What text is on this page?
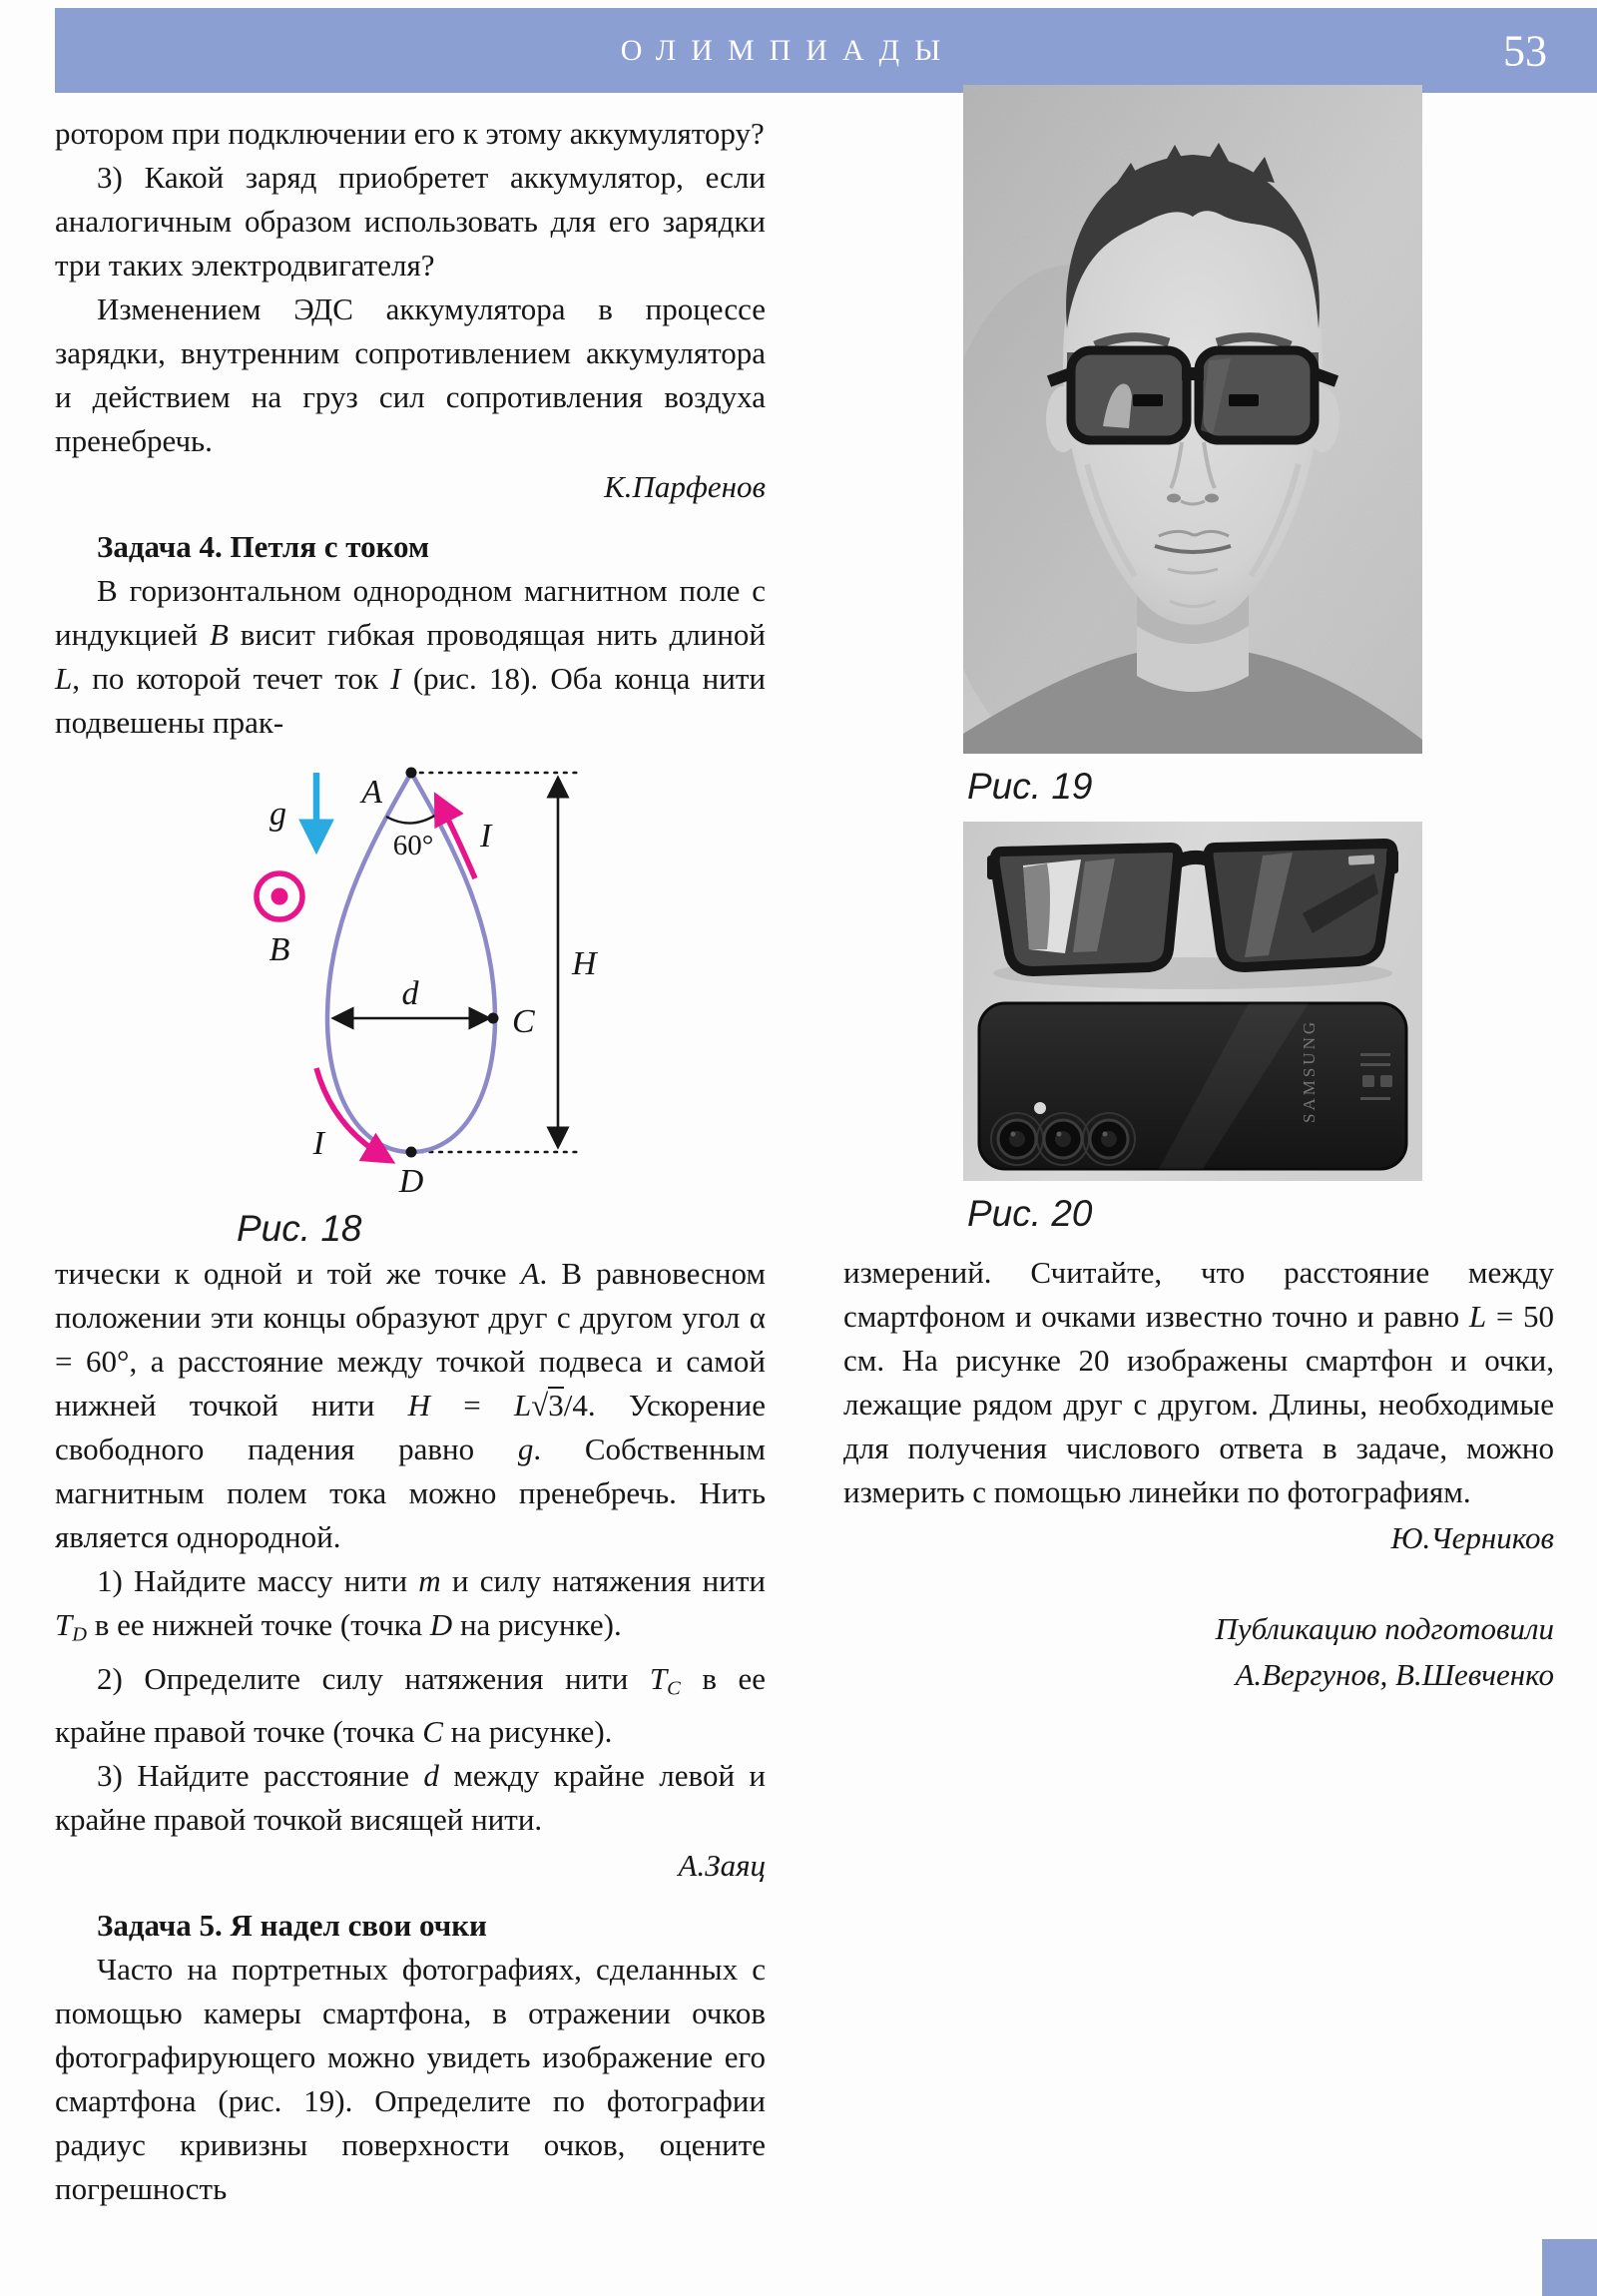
ОЛИМПИАДЫ	53

ротором при подключении его к этому аккумулятору?

3) Какой заряд приобретет аккумулятор, если аналогичным образом использовать для его зарядки три таких электродвигателя?

Изменением ЭДС аккумулятора в процессе зарядки, внутренним сопротивлением аккумулятора и действием на груз сил сопротивления воздуха пренебречь.

К.Парфенов

Задача 4. Петля с током

В горизонтальном однородном магнитном поле с индукцией B висит гибкая проводящая нить длиной L, по которой течет ток I (рис. 18). Оба конца нити подвешены прак-

g
A
60° I
B
d
C
H
D
I
Рис. 18

тически к одной и той же точке A. В равновесном положении эти концы образуют друг с другом угол α = 60°, а расстояние между точкой подвеса и самой нижней точкой нити H = L√3/4. Ускорение свободного падения равно g. Собственным магнитным полем тока можно пренебречь. Нить является однородной.

1) Найдите массу нити m и силу натяжения нити TD в ее нижней точке (точка D на рисунке).

2) Определите силу натяжения нити TC в ее крайне правой точке (точка C на рисунке).

3) Найдите расстояние d между крайне левой и крайне правой точкой висящей нити.

А.Заяц

Задача 5. Я надел свои очки

Часто на портретных фотографиях, сделанных с помощью камеры смартфона, в отражении очков фотографирующего можно увидеть изображение его смартфона (рис. 19). Определите по фотографии радиус кривизны поверхности очков, оцените погрешность

Рис. 19
SAMSUNG
Рис. 20

измерений. Считайте, что расстояние между смартфоном и очками известно точно и равно L = 50 см. На рисунке 20 изображены смартфон и очки, лежащие рядом друг с другом. Длины, необходимые для получения числового ответа в задаче, можно измерить с помощью линейки по фотографиям.

Ю.Черников

Публикацию подготовили
А.Вергунов, В.Шевченко
